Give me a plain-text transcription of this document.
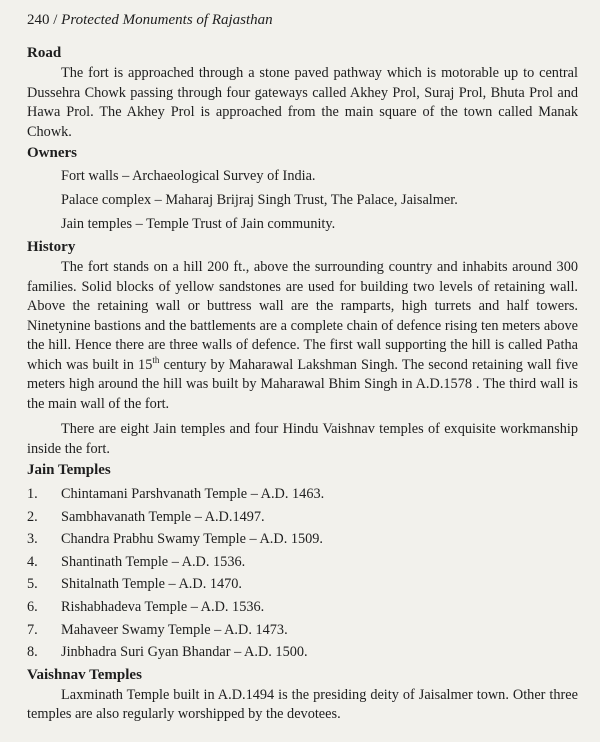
240 / Protected Monuments of Rajasthan
Road

The fort is approached through a stone paved pathway which is motorable up to central Dussehra Chowk passing through four gateways called Akhey Prol, Suraj Prol, Bhuta Prol and Hawa Prol. The Akhey Prol is approached from the main square of the town called Manak Chowk.

Owners
Fort walls – Archaeological Survey of India.
Palace complex – Maharaj Brijraj Singh Trust, The Palace, Jaisalmer.
Jain temples – Temple Trust of Jain community.
History

The fort stands on a hill 200 ft., above the surrounding country and inhabits around 300 families. Solid blocks of yellow sandstones are used for building two levels of retaining wall. Above the retaining wall or buttress wall are the ramparts, high turrets and half towers. Ninetynine bastions and the battlements are a complete chain of defence rising ten meters above the hill. Hence there are three walls of defence. The first wall supporting the hill is called Patha which was built in 15th century by Maharawal Lakshman Singh. The second retaining wall five meters high around the hill was built by Maharawal Bhim Singh in A.D.1578 . The third wall is the main wall of the fort.

There are eight Jain temples and four Hindu Vaishnav temples of exquisite workmanship inside the fort.

Jain Temples
1.	Chintamani Parshvanath Temple – A.D. 1463.
2.	Sambhavanath Temple – A.D.1497.
3.	Chandra Prabhu Swamy Temple – A.D. 1509.
4.	Shantinath Temple – A.D. 1536.
5.	Shitalnath Temple – A.D. 1470.
6.	Rishabhadeva Temple – A.D. 1536.
7.	Mahaveer Swamy Temple – A.D. 1473.
8.	Jinbhadra Suri Gyan Bhandar – A.D. 1500.
Vaishnav Temples

Laxminath Temple built in A.D.1494 is the presiding deity of Jaisalmer town. Other three temples are also regularly worshipped by the devotees.
